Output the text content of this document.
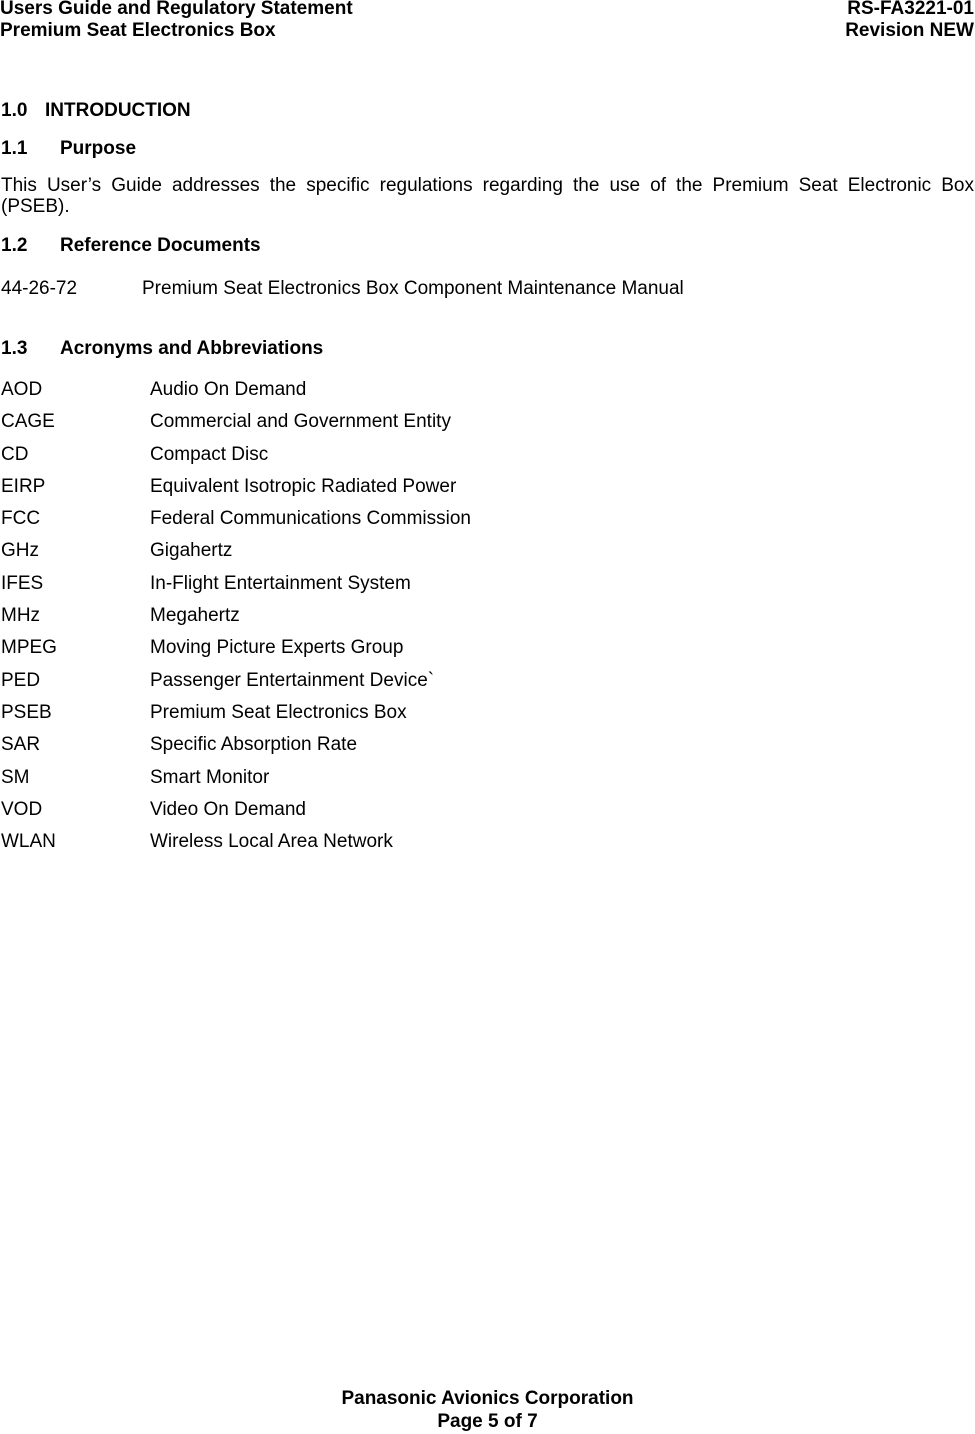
Users Guide and Regulatory Statement
Premium Seat Electronics Box
RS-FA3221-01
Revision NEW
1.0 INTRODUCTION
1.1 Purpose
This User’s Guide addresses the specific regulations regarding the use of the Premium Seat Electronic Box (PSEB).
1.2 Reference Documents
44-26-72	Premium Seat Electronics Box Component Maintenance Manual
1.3 Acronyms and Abbreviations
AOD	Audio On Demand
CAGE	Commercial and Government Entity
CD	Compact Disc
EIRP	Equivalent Isotropic Radiated Power
FCC	Federal Communications Commission
GHz	Gigahertz
IFES	In-Flight Entertainment System
MHz	Megahertz
MPEG	Moving Picture Experts Group
PED	Passenger Entertainment Device`
PSEB	Premium Seat Electronics Box
SAR	Specific Absorption Rate
SM	Smart Monitor
VOD	Video On Demand
WLAN	Wireless Local Area Network
Panasonic Avionics Corporation
Page 5 of 7
